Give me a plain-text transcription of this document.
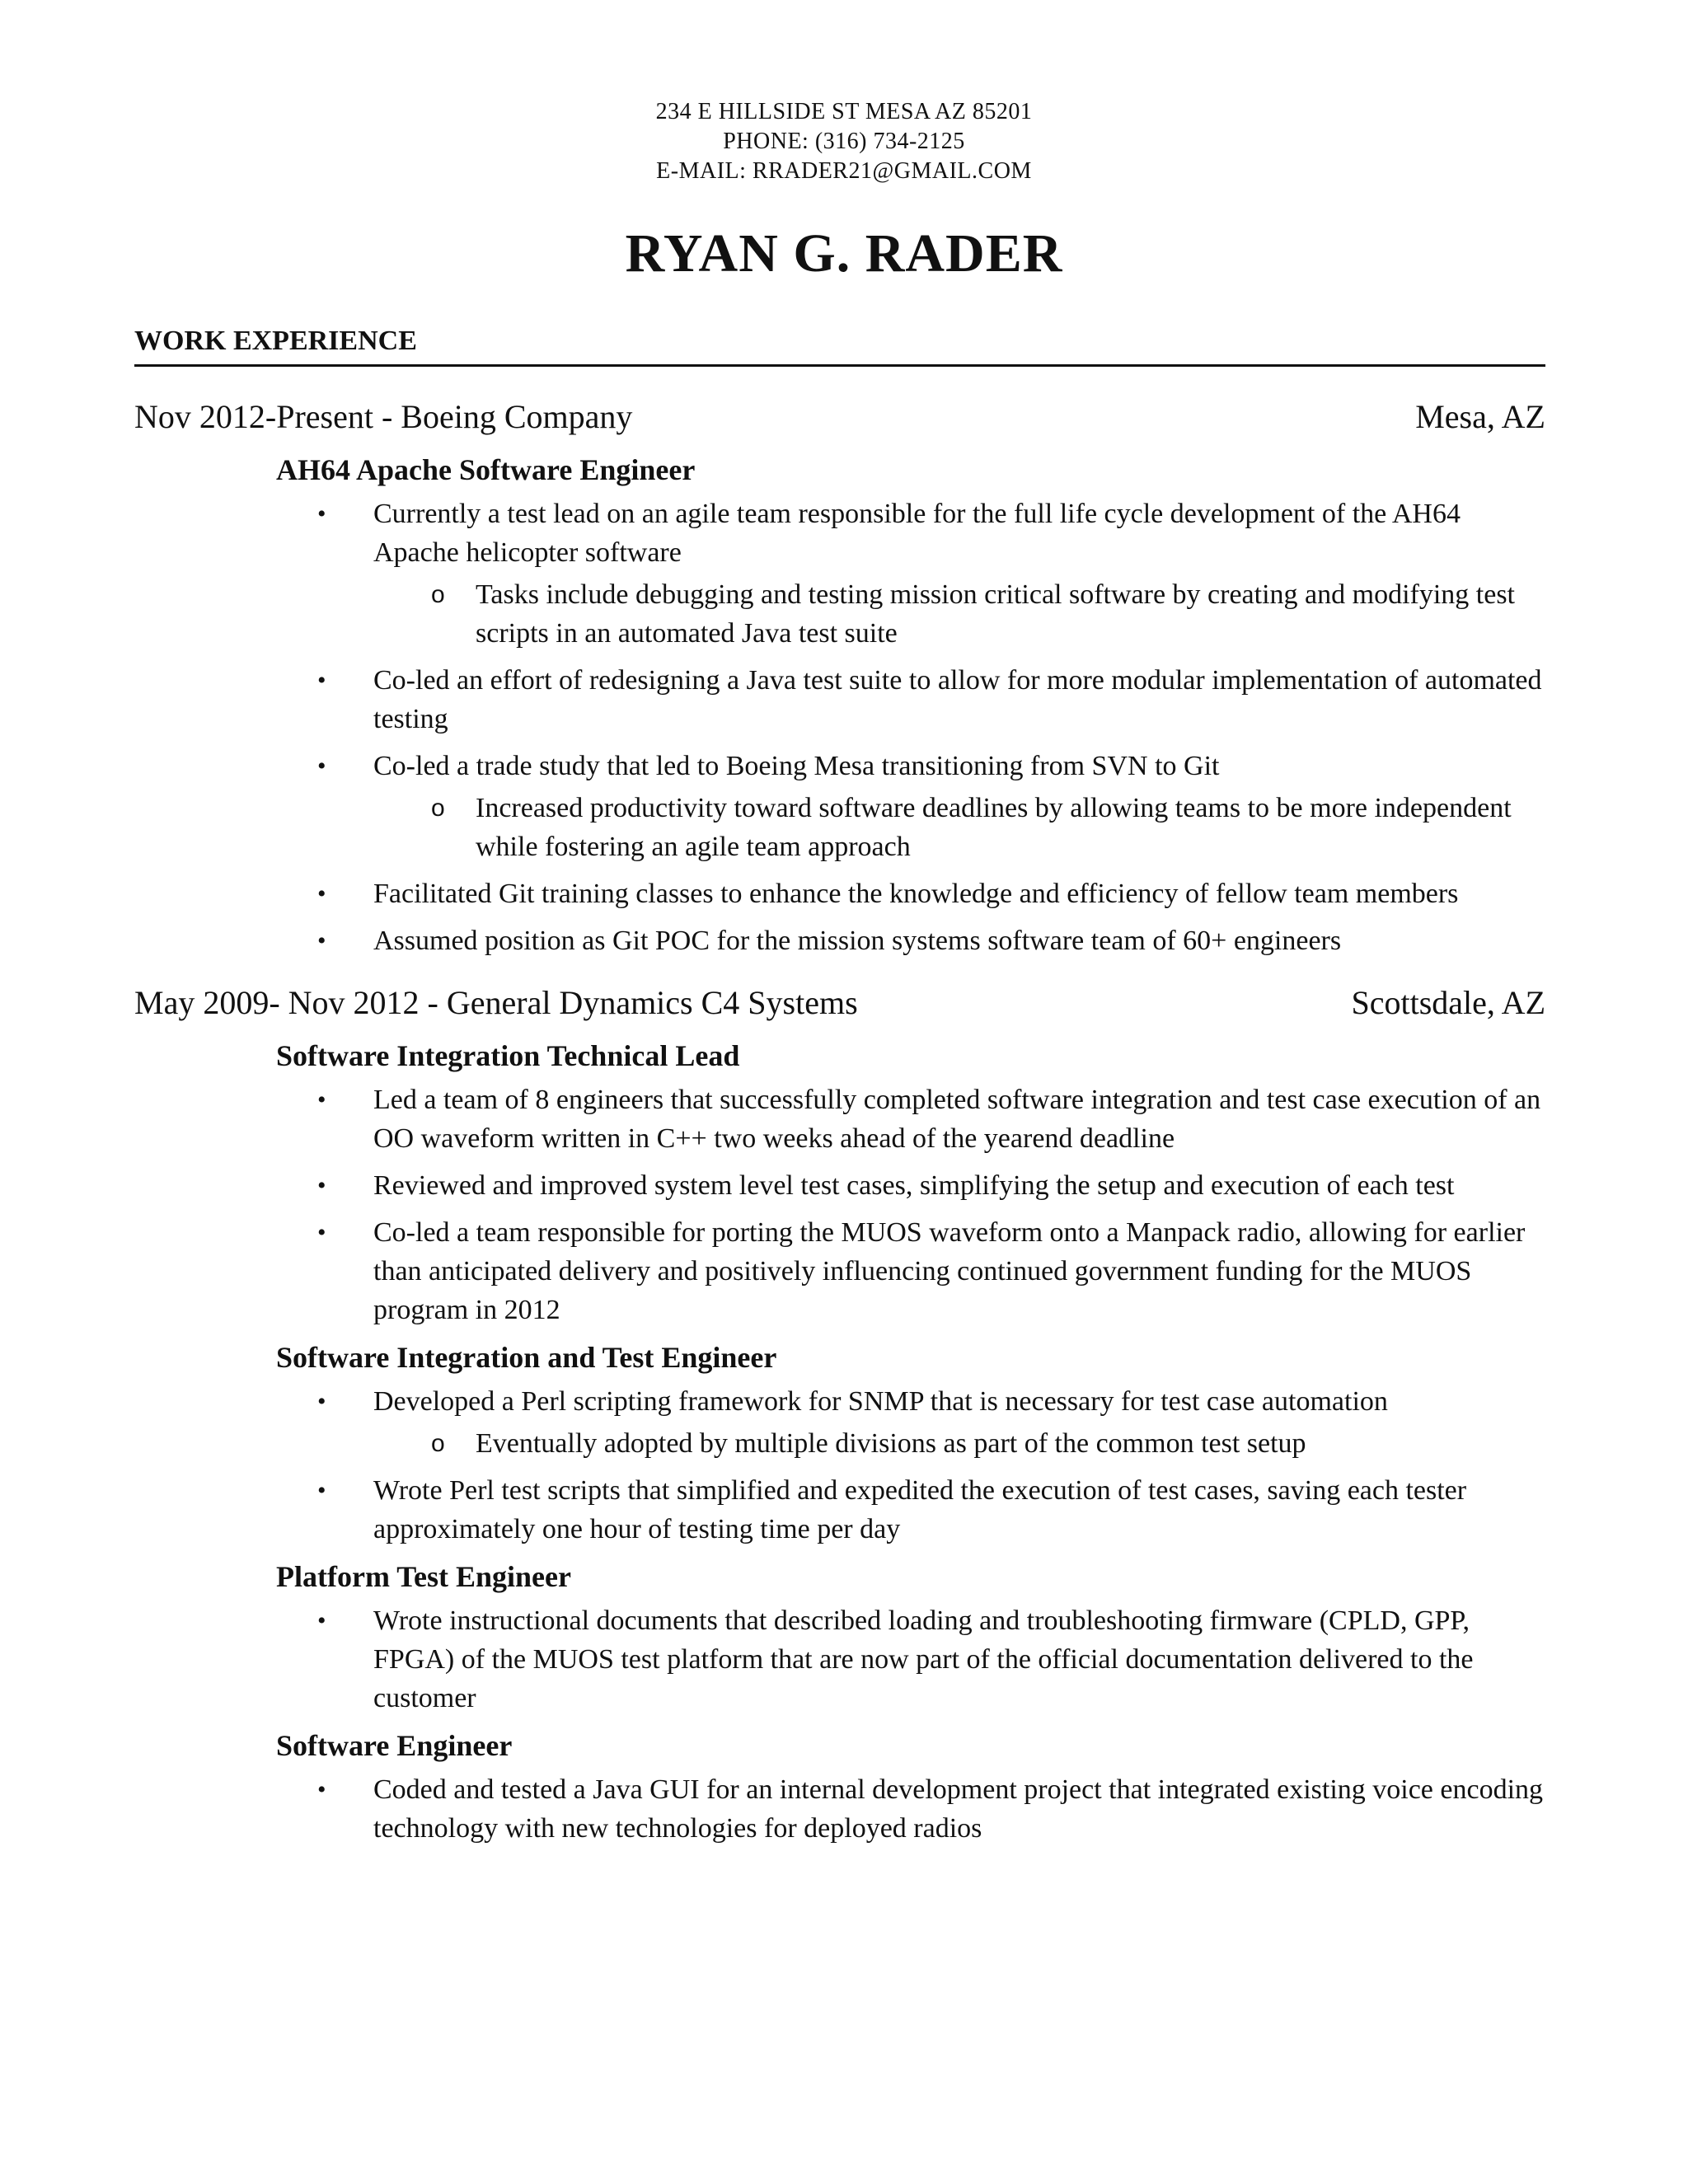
234 E HILLSIDE ST MESA AZ 85201
PHONE: (316) 734-2125
E-MAIL: RRADER21@GMAIL.COM
RYAN G. RADER
WORK EXPERIENCE
Nov 2012-Present - Boeing Company	Mesa, AZ
AH64 Apache Software Engineer
• Currently a test lead on an agile team responsible for the full life cycle development of the AH64 Apache helicopter software
o Tasks include debugging and testing mission critical software by creating and modifying test scripts in an automated Java test suite
• Co-led an effort of redesigning a Java test suite to allow for more modular implementation of automated testing
• Co-led a trade study that led to Boeing Mesa transitioning from SVN to Git
o Increased productivity toward software deadlines by allowing teams to be more independent while fostering an agile team approach
• Facilitated Git training classes to enhance the knowledge and efficiency of fellow team members
• Assumed position as Git POC for the mission systems software team of 60+ engineers
May 2009- Nov 2012 - General Dynamics C4 Systems	Scottsdale, AZ
Software Integration Technical Lead
• Led a team of 8 engineers that successfully completed software integration and test case execution of an OO waveform written in C++ two weeks ahead of the yearend deadline
• Reviewed and improved system level test cases, simplifying the setup and execution of each test
• Co-led a team responsible for porting the MUOS waveform onto a Manpack radio, allowing for earlier than anticipated delivery and positively influencing continued government funding for the MUOS program in 2012
Software Integration and Test Engineer
• Developed a Perl scripting framework for SNMP that is necessary for test case automation
o Eventually adopted by multiple divisions as part of the common test setup
• Wrote Perl test scripts that simplified and expedited the execution of test cases, saving each tester approximately one hour of testing time per day
Platform Test Engineer
• Wrote instructional documents that described loading and troubleshooting firmware (CPLD, GPP, FPGA) of the MUOS test platform that are now part of the official documentation delivered to the customer
Software Engineer
• Coded and tested a Java GUI for an internal development project that integrated existing voice encoding technology with new technologies for deployed radios
